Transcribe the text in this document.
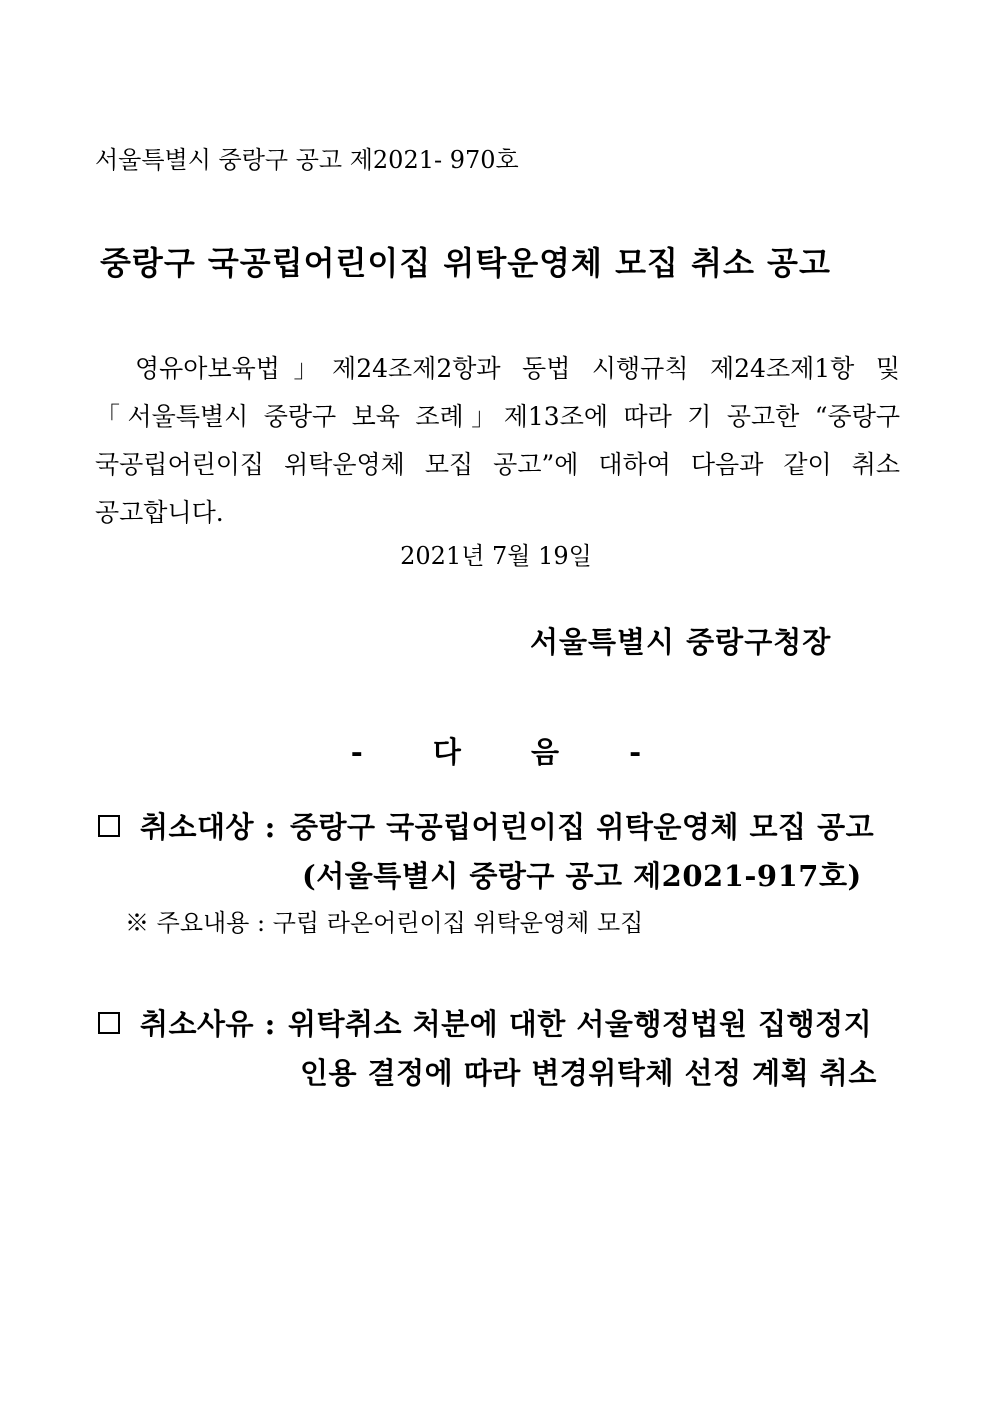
서울특별시 중랑구 공고 제2021- 970호
중랑구 국공립어린이집 위탁운영체 모집 취소 공고
영유아보육법」제24조제2항과 동법 시행규칙 제24조제1항 및
「서울특별시 중랑구 보육 조례」제13조에 따라 기 공고한 “중랑구
국공립어린이집 위탁운영체 모집 공고”에 대하여 다음과 같이 취소
공고합니다.
2021년 7월 19일
서울특별시 중랑구청장
- 다 음 -
취소대상 : 중랑구 국공립어린이집 위탁운영체 모집 공고
(서울특별시 중랑구 공고 제2021-917호)
※ 주요내용 : 구립 라온어린이집 위탁운영체 모집
취소사유 : 위탁취소 처분에 대한 서울행정법원 집행정지
인용 결정에 따라 변경위탁체 선정 계획 취소
